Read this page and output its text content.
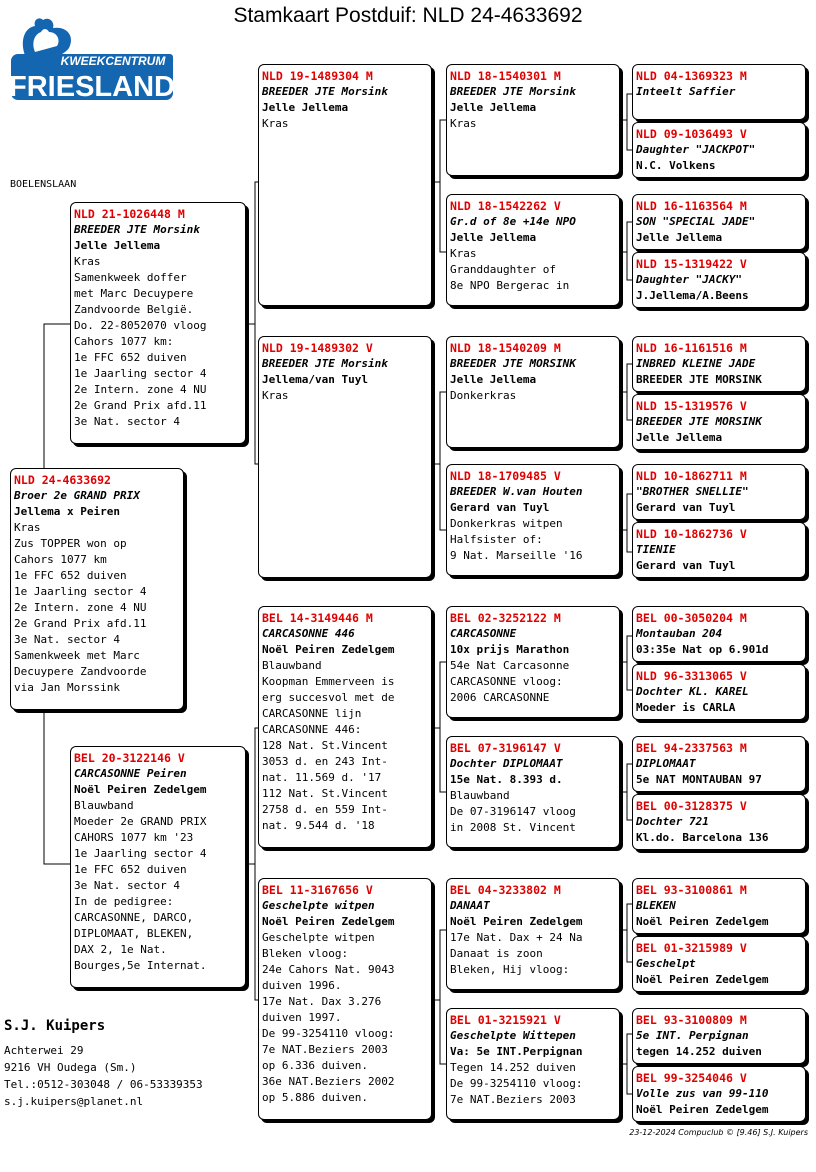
Stamkaart Postduif: NLD 24-4633692
KWEEKCENTRUM
FRIESLAND
BOELENSLAAN
NLD 24-4633692
Broer 2e GRAND PRIX
Jellema x Peiren
Kras
Zus TOPPER won op
Cahors 1077 km
1e FFC 652 duiven
1e Jaarling sector 4
2e Intern. zone 4 NU
2e Grand Prix afd.11
3e Nat. sector 4
Samenkweek met Marc
Decuypere Zandvoorde
via Jan Morssink
NLD 21-1026448 M
BREEDER JTE Morsink
Jelle Jellema
Kras
Samenkweek doffer
met Marc Decuypere
Zandvoorde België.
Do. 22-8052070 vloog
Cahors 1077 km:
1e FFC 652 duiven
1e Jaarling sector 4
2e Intern. zone 4 NU
2e Grand Prix afd.11
3e Nat. sector 4
BEL 20-3122146 V
CARCASONNE Peiren
Noël Peiren Zedelgem
Blauwband
Moeder 2e GRAND PRIX
CAHORS 1077 km '23
1e Jaarling sector 4
1e FFC 652 duiven
3e Nat. sector 4
In de pedigree:
CARCASONNE, DARCO,
DIPLOMAAT, BLEKEN,
DAX 2, 1e Nat.
Bourges,5e Internat.
NLD 19-1489304 M
BREEDER JTE Morsink
Jelle Jellema
Kras
NLD 19-1489302 V
BREEDER JTE Morsink
Jellema/van Tuyl
Kras
BEL 14-3149446 M
CARCASONNE 446
Noël Peiren Zedelgem
Blauwband
Koopman Emmerveen is
erg succesvol met de
CARCASONNE lijn
CARCASONNE 446:
128 Nat. St.Vincent
3053 d. en 243 Int-
nat. 11.569 d. '17
112 Nat. St.Vincent
2758 d. en 559 Int-
nat. 9.544 d. '18
BEL 11-3167656 V
Geschelpte witpen
Noël Peiren Zedelgem
Geschelpte witpen
Bleken vloog:
24e Cahors Nat. 9043
duiven 1996.
17e Nat. Dax 3.276
duiven 1997.
De 99-3254110 vloog:
7e NAT.Beziers 2003
op 6.336 duiven.
36e NAT.Beziers 2002
op 5.886 duiven.
NLD 18-1540301 M
BREEDER JTE Morsink
Jelle Jellema
Kras
NLD 18-1542262 V
Gr.d of 8e +14e NPO
Jelle Jellema
Kras
Granddaughter of
8e NPO Bergerac in
NLD 18-1540209 M
BREEDER JTE MORSINK
Jelle Jellema
Donkerkras
NLD 18-1709485 V
BREEDER W.van Houten
Gerard van Tuyl
Donkerkras witpen
Halfsister of:
9 Nat. Marseille '16
BEL 02-3252122 M
CARCASONNE
10x prijs Marathon
54e Nat Carcasonne
CARCASONNE vloog:
2006 CARCASONNE
BEL 07-3196147 V
Dochter DIPLOMAAT
15e Nat. 8.393 d.
Blauwband
De 07-3196147 vloog
in 2008 St. Vincent
BEL 04-3233802 M
DANAAT
Noël Peiren Zedelgem
17e Nat. Dax + 24 Na
Danaat is zoon
Bleken, Hij vloog:
BEL 01-3215921 V
Geschelpte Wittepen
Va: 5e INT.Perpignan
Tegen 14.252 duiven
De 99-3254110 vloog:
7e NAT.Beziers 2003
NLD 04-1369323 M
Inteelt Saffier
NLD 09-1036493 V
Daughter "JACKPOT"
N.C. Volkens
NLD 16-1163564 M
SON "SPECIAL JADE"
Jelle Jellema
NLD 15-1319422 V
Daughter "JACKY"
J.Jellema/A.Beens
NLD 16-1161516 M
INBRED KLEINE JADE
BREEDER JTE MORSINK
NLD 15-1319576 V
BREEDER JTE MORSINK
Jelle Jellema
NLD 10-1862711 M
"BROTHER SNELLIE"
Gerard van Tuyl
NLD 10-1862736 V
TIENIE
Gerard van Tuyl
BEL 00-3050204 M
Montauban 204
03:35e Nat op 6.901d
NLD 96-3313065 V
Dochter KL. KAREL
Moeder is CARLA
BEL 94-2337563 M
DIPLOMAAT
5e NAT MONTAUBAN 97
BEL 00-3128375 V
Dochter 721
Kl.do. Barcelona 136
BEL 93-3100861 M
BLEKEN
Noël Peiren Zedelgem
BEL 01-3215989 V
Geschelpt
Noël Peiren Zedelgem
BEL 93-3100809 M
5e INT. Perpignan
tegen 14.252 duiven
BEL 99-3254046 V
Volle zus van 99-110
Noël Peiren Zedelgem
S.J. Kuipers
Achterwei 29
9216 VH Oudega (Sm.)
Tel.:0512-303048 / 06-53339353
s.j.kuipers@planet.nl
23-12-2024 Compuclub © [9.46] S.J. Kuipers
